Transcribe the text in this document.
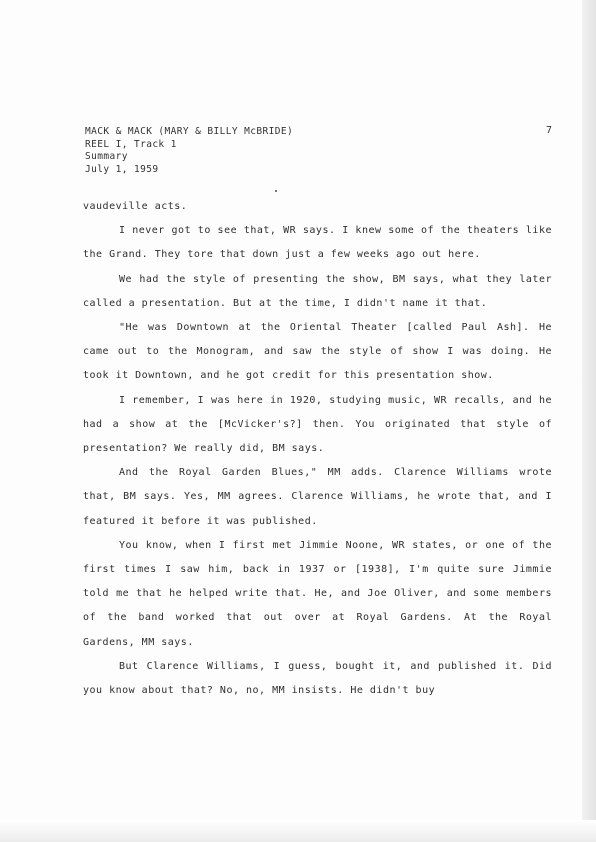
MACK & MACK (MARY & BILLY McBRIDE)
REEL I, Track 1
Summary
July 1, 1959
7

vaudeville acts.

I never got to see that, WR says. I knew some of the theaters like the Grand. They tore that down just a few weeks ago out here.

We had the style of presenting the show, BM says, what they later called a presentation. But at the time, I didn't name it that.

"He was Downtown at the Oriental Theater [called Paul Ash]. He came out to the Monogram, and saw the style of show I was doing. He took it Downtown, and he got credit for this presentation show.

I remember, I was here in 1920, studying music, WR recalls, and he had a show at the [McVicker's?] then. You originated that style of presentation? We really did, BM says.

And the Royal Garden Blues," MM adds. Clarence Williams wrote that, BM says. Yes, MM agrees. Clarence Williams, he wrote that, and I featured it before it was published.

You know, when I first met Jimmie Noone, WR states, or one of the first times I saw him, back in 1937 or [1938], I'm quite sure Jimmie told me that he helped write that. He, and Joe Oliver, and some members of the band worked that out over at Royal Gardens. At the Royal Gardens, MM says.

But Clarence Williams, I guess, bought it, and published it. Did you know about that? No, no, MM insists. He didn't buy
